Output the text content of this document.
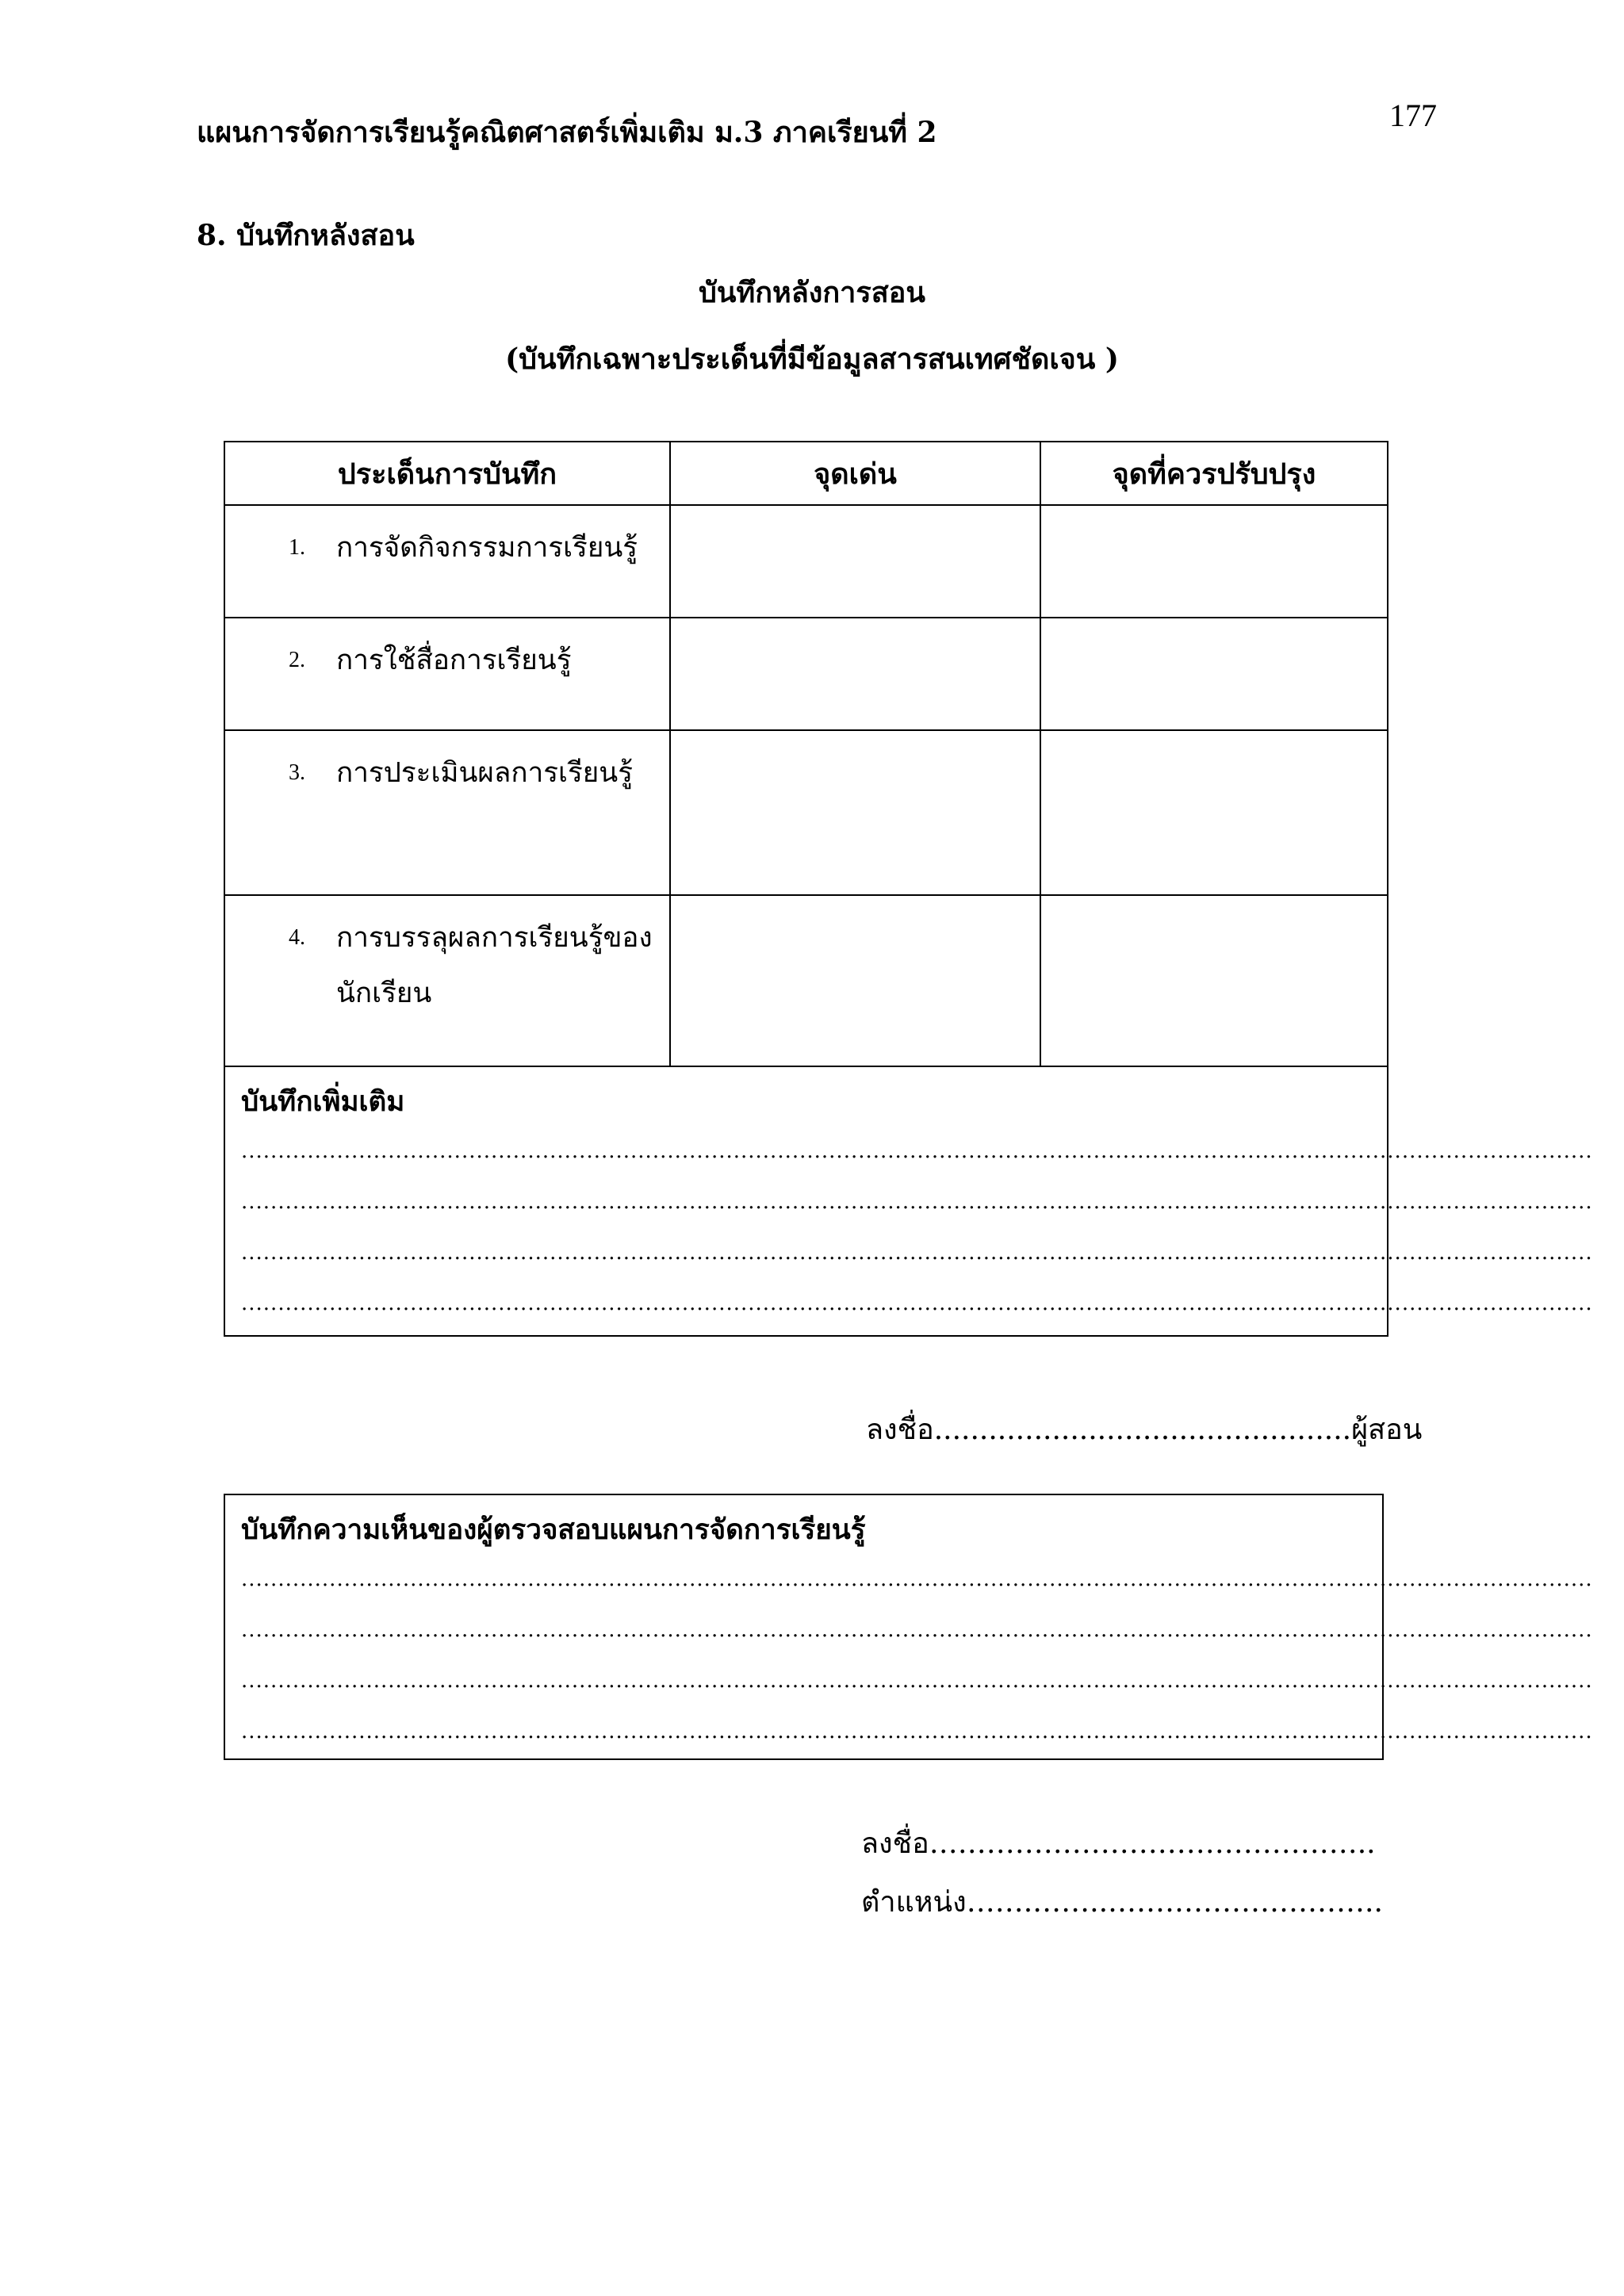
แผนการจัดการเรียนรู้คณิตศาสตร์เพิ่มเติม ม.3 ภาคเรียนที่ 2	177
8. บันทึกหลังสอน
บันทึกหลังการสอน
(บันทึกเฉพาะประเด็นที่มีข้อมูลสารสนเทศชัดเจน )
ประเด็นการบันทึก	จุดเด่น	จุดที่ควรปรับปรุง

1. การจัดกิจกรรมการเรียนรู้		

2. การใช้สื่อการเรียนรู้		

3. การประเมินผลการเรียนรู้		

4. การบรรลุผลการเรียนรู้ของ นักเรียน		

บันทึกเพิ่มเติม
........................................................................................................................................................................................
........................................................................................................................................................................................
........................................................................................................................................................................................
........................................................................................................................................................................................		
ลงชื่อ..............................................ผู้สอน
บันทึกความเห็นของผู้ตรวจสอบแผนการจัดการเรียนรู้
........................................................................................................................................................................................
........................................................................................................................................................................................
........................................................................................................................................................................................
........................................................................................................................................................................................
ลงชื่อ………………………………………..
ตำแหน่ง…….……..………………………..
